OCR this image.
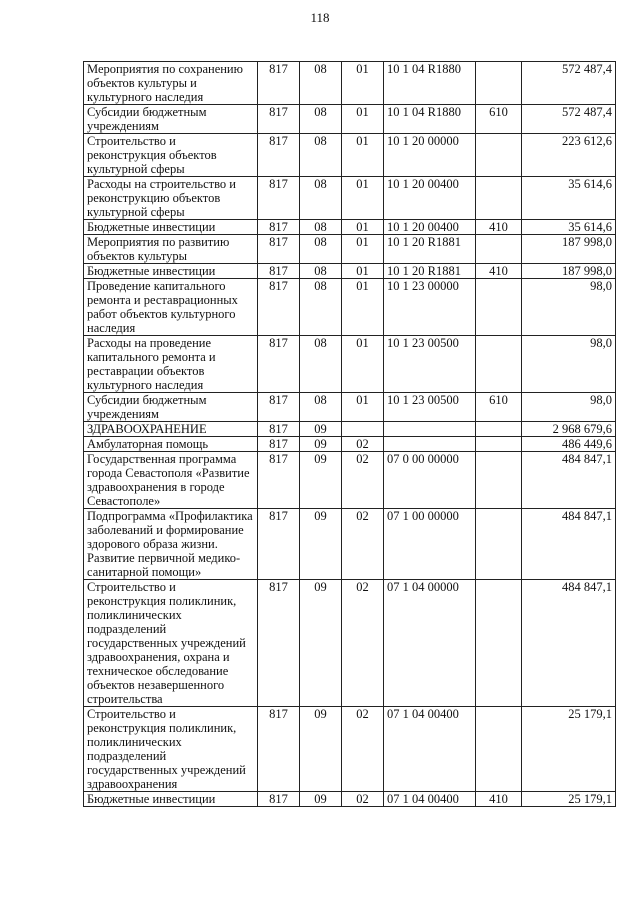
118
Мероприятия по сохранению объектов культуры и культурного наследия	817	08	01	10 1 04 R1880		572 487,4
Субсидии бюджетным учреждениям	817	08	01	10 1 04 R1880	610	572 487,4
Строительство и реконструкция объектов культурной сферы	817	08	01	10 1 20 00000		223 612,6
Расходы на строительство и реконструкцию объектов культурной сферы	817	08	01	10 1 20 00400		35 614,6
Бюджетные инвестиции	817	08	01	10 1 20 00400	410	35 614,6
Мероприятия по развитию объектов культуры	817	08	01	10 1 20 R1881		187 998,0
Бюджетные инвестиции	817	08	01	10 1 20 R1881	410	187 998,0
Проведение капитального ремонта и реставрационных работ объектов культурного наследия	817	08	01	10 1 23 00000		98,0
Расходы на проведение капитального ремонта и реставрации объектов культурного наследия	817	08	01	10 1 23 00500		98,0
Субсидии бюджетным учреждениям	817	08	01	10 1 23 00500	610	98,0
ЗДРАВООХРАНЕНИЕ	817	09				2 968 679,6
Амбулаторная помощь	817	09	02			486 449,6
Государственная программа города Севастополя «Развитие здравоохранения в городе Севастополе»	817	09	02	07 0 00 00000		484 847,1
Подпрограмма «Профилактика заболеваний и формирование здорового образа жизни. Развитие первичной медико-санитарной помощи»	817	09	02	07 1 00 00000		484 847,1
Строительство и реконструкция поликлиник, поликлинических подразделений государственных учреждений здравоохранения, охрана и техническое обследование объектов незавершенного строительства	817	09	02	07 1 04 00000		484 847,1
Строительство и реконструкция поликлиник, поликлинических подразделений государственных учреждений здравоохранения	817	09	02	07 1 04 00400		25 179,1
Бюджетные инвестиции	817	09	02	07 1 04 00400	410	25 179,1
